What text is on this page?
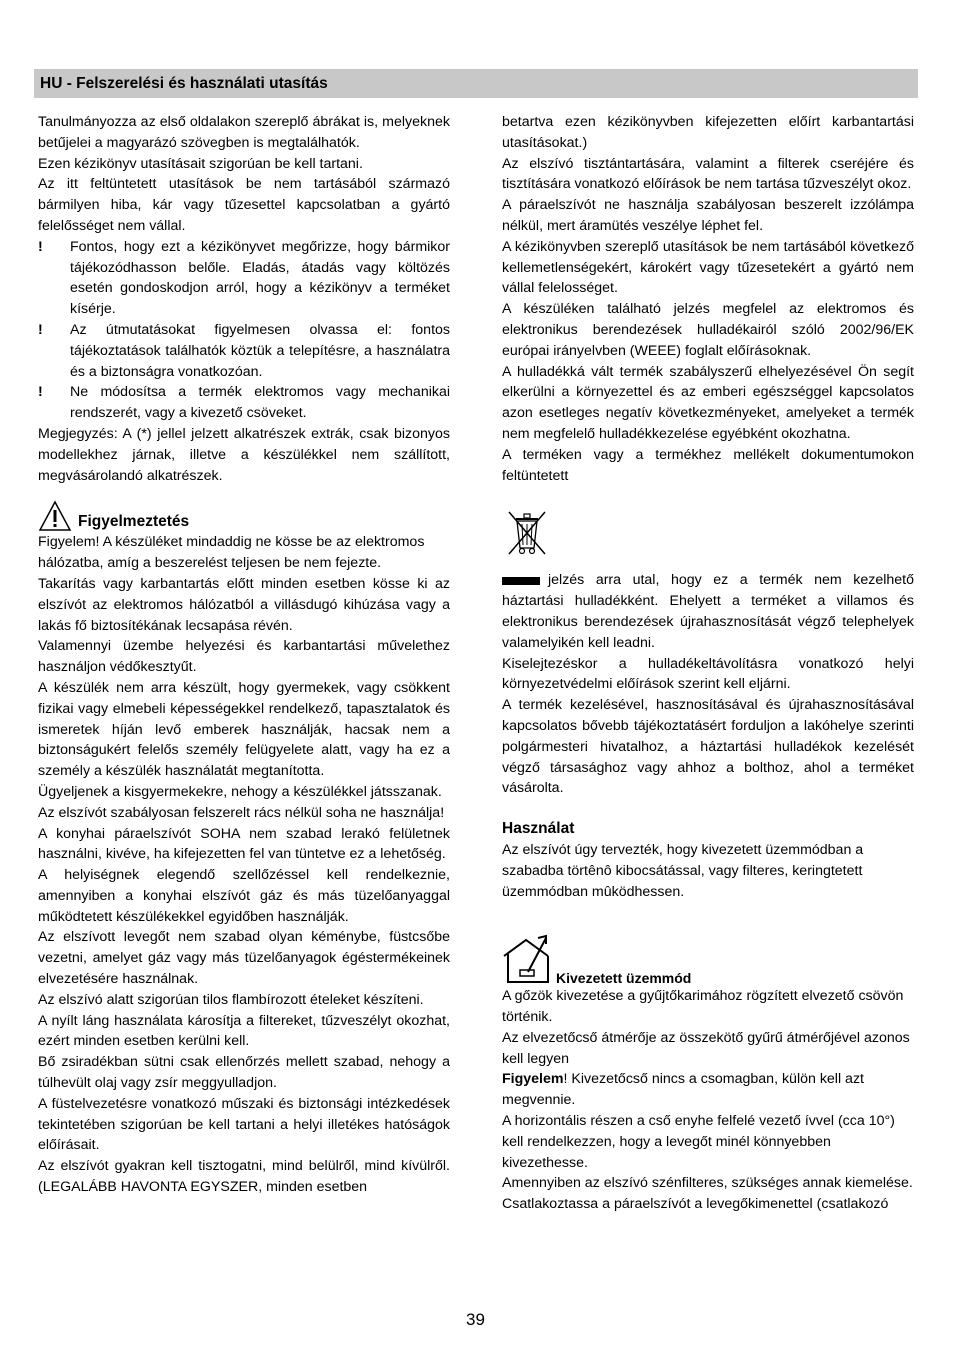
HU - Felszerelési és használati utasítás

Tanulmányozza az első oldalakon szereplő ábrákat is, melyeknek betűjelei a magyarázó szövegben is megtalálhatók.

Ezen kézikönyv utasításait szigorúan be kell tartani.

Az itt feltüntetett utasítások be nem tartásából származó bármilyen hiba, kár vagy tűzesettel kapcsolatban a gyártó felelősséget nem vállal.

!	Fontos, hogy ezt a kézikönyvet megőrizze, hogy bármikor tájékozódhasson belőle. Eladás, átadás vagy költözés esetén gondoskodjon arról, hogy a kézikönyv a terméket kísérje.
!	Az útmutatásokat figyelmesen olvassa el: fontos tájékoztatások találhatók köztük a telepítésre, a használatra és a biztonságra vonatkozóan.
!	Ne módosítsa a termék elektromos vagy mechanikai rendszerét, vagy a kivezető csöveket.

Megjegyzés: A (*) jellel jelzett alkatrészek extrák, csak bizonyos modellekhez járnak, illetve a készülékkel nem szállított, megvásárolandó alkatrészek.

Figyelmeztetés

Figyelem! A készüléket mindaddig ne kösse be az elektromos hálózatba, amíg a beszerelést teljesen be nem fejezte.

Takarítás vagy karbantartás előtt minden esetben kösse ki az elszívót az elektromos hálózatból a villásdugó kihúzása vagy a lakás fő biztosítékának lecsapása révén.

Valamennyi üzembe helyezési és karbantartási művelethez használjon védőkesztyűt.

A készülék nem arra készült, hogy gyermekek, vagy csökkent fizikai vagy elmebeli képességekkel rendelkező, tapasztalatok és ismeretek híján levő emberek használják, hacsak nem a biztonságukért felelős személy felügyelete alatt, vagy ha ez a személy a készülék használatát megtanította.

Ügyeljenek a kisgyermekekre, nehogy a készülékkel játsszanak.

Az elszívót szabályosan felszerelt rács nélkül soha ne használja!

A konyhai páraelszívót SOHA nem szabad lerakó felületnek használni, kivéve, ha kifejezetten fel van tüntetve ez a lehetőség.

A helyiségnek elegendő szellőzéssel kell rendelkeznie, amennyiben a konyhai elszívót gáz és más tüzelőanyaggal működtetett készülékekkel egyidőben használják.

Az elszívott levegőt nem szabad olyan kéménybe, füstcsőbe vezetni, amelyet gáz vagy más tüzelőanyagok égéstermékeinek elvezetésére használnak.

Az elszívó alatt szigorúan tilos flambírozott ételeket készíteni.

A nyílt láng használata károsítja a filtereket, tűzveszélyt okozhat, ezért minden esetben kerülni kell.

Bő zsiradékban sütni csak ellenőrzés mellett szabad, nehogy a túlhevült olaj vagy zsír meggyulladjon.

A füstelvezetésre vonatkozó műszaki és biztonsági intézkedések tekintetében szigorúan be kell tartani a helyi illetékes hatóságok előírásait.

Az elszívót gyakran kell tisztogatni, mind belülről, mind kívülről. (LEGALÁBB HAVONTA EGYSZER, minden esetben

betartva ezen kézikönyvben kifejezetten előírt karbantartási utasításokat.)

Az elszívó tisztántartására, valamint a filterek cseréjére és tisztítására vonatkozó előírások be nem tartása tűzveszélyt okoz.

A páraelszívót ne használja szabályosan beszerelt izzólámpa nélkül, mert áramütés veszélye léphet fel.

A kézikönyvben szereplő utasítások be nem tartásából következő kellemetlenségekért, károkért vagy tűzesetekért a gyártó nem vállal felelosséget.

A készüléken található jelzés megfelel az elektromos és elektronikus berendezések hulladékairól szóló 2002/96/EK európai irányelvben (WEEE) foglalt előírásoknak.

A hulladékká vált termék szabályszerű elhelyezésével Ön segít elkerülni a környezettel és az emberi egészséggel kapcsolatos azon esetleges negatív következményeket, amelyeket a termék nem megfelelő hulladékkezelése egyébként okozhatna.

A terméken vagy a termékhez mellékelt dokumentumokon feltüntetett

jelzés arra utal, hogy ez a termék nem kezelhető háztartási hulladékként. Ehelyett a terméket a villamos és elektronikus berendezések újrahasznosítását végző telephelyek valamelyikén kell leadni.

Kiselejtezéskor a hulladékeltávolításra vonatkozó helyi környezetvédelmi előírások szerint kell eljárni.

A termék kezelésével, hasznosításával és újrahasznosításával kapcsolatos bővebb tájékoztatásért forduljon a lakóhelye szerinti polgármesteri hivatalhoz, a háztartási hulladékok kezelését végző társasághoz vagy ahhoz a bolthoz, ahol a terméket vásárolta.

Használat

Az elszívót úgy tervezték, hogy kivezetett üzemmódban a szabadba törtênô kibocsátással, vagy filteres, keringtetett üzemmódban mûködhessen.

Kivezetett üzemmód

A gőzök kivezetése a gyűjtőkarimához rögzített elvezető csövön történik.

Az elvezetőcső átmérője az összekötő gyűrű átmérőjével azonos kell legyen

Figyelem! Kivezetőcső nincs a csomagban, külön kell azt megvennie.

A horizontális részen a cső enyhe felfelé vezető ívvel (cca 10°) kell rendelkezzen, hogy a levegőt minél könnyebben kivezethesse.

Amennyiben az elszívó szénfilteres, szükséges annak kiemelése.

Csatlakoztassa a páraelszívót a levegőkimenettel (csatlakozó

39
